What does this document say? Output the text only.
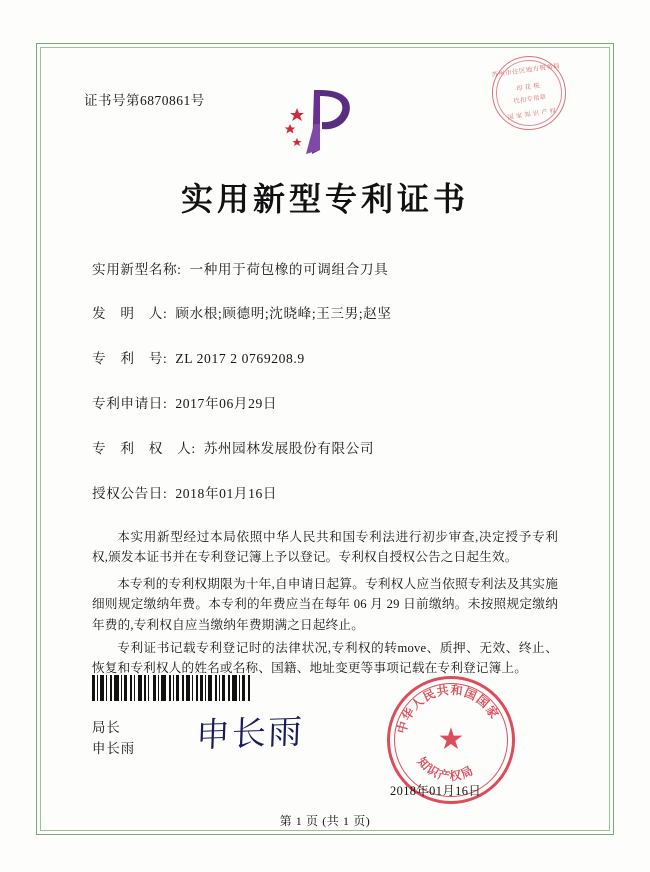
证书号第6870861号
苏州市住区地方税务局
印 花 税
代扣专用章
国 家 知 识 产 权
实用新型专利证书
实用新型名称: 一种用于荷包橡的可调组合刀具
发　明　人: 顾水根;顾德明;沈晓峰;王三男;赵坚
专　利　号: ZL 2017 2 0769208.9
专利申请日: 2017年06月29日
专　利　权　人: 苏州园林发展股份有限公司
授权公告日: 2018年01月16日
本实用新型经过本局依照中华人民共和国专利法进行初步审查,决定授予专利权,颁发本证书并在专利登记簿上予以登记。专利权自授权公告之日起生效。
本专利的专利权期限为十年,自申请日起算。专利权人应当依照专利法及其实施细则规定缴纳年费。本专利的年费应当在每年 06 月 29 日前缴纳。未按照规定缴纳年费的,专利权自应当缴纳年费期满之日起终止。
专利证书记载专利登记时的法律状况,专利权的转move、质押、无效、终止、恢复和专利权人的姓名或名称、国籍、地址变更等事项记载在专利登记簿上。
局长
申长雨 申长雨	★
中华人民共和国国家
知识产权局
2018年01月16日
第 1 页 (共 1 页)
